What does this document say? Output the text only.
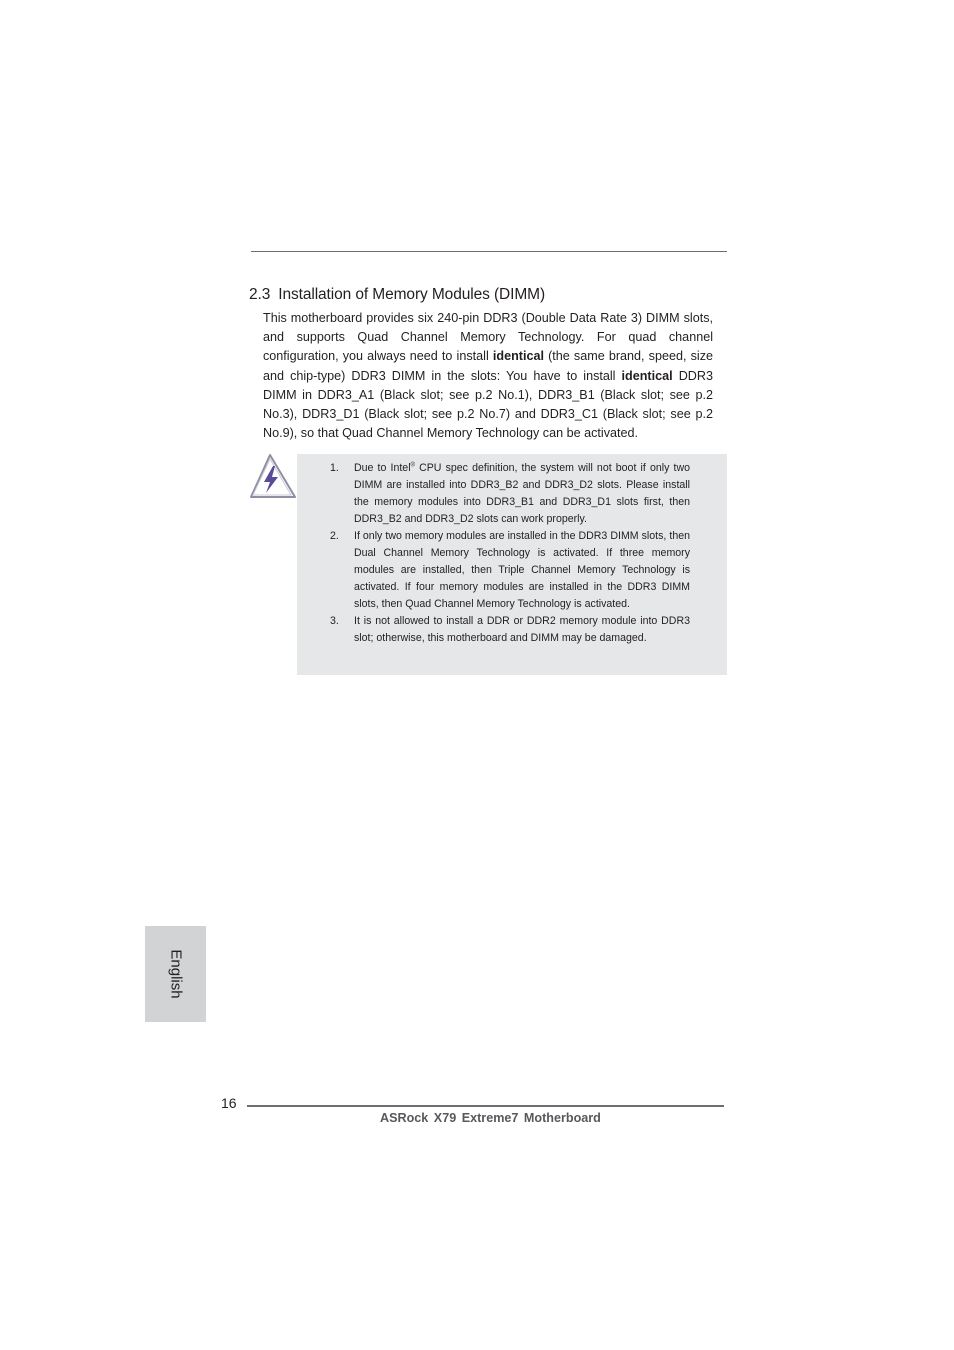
2.3 Installation of Memory Modules (DIMM)

This motherboard provides six 240-pin DDR3 (Double Data Rate 3) DIMM slots, and supports Quad Channel Memory Technology. For quad channel configuration, you always need to install identical (the same brand, speed, size and chip-type) DDR3 DIMM in the slots: You have to install identical DDR3 DIMM in DDR3_A1 (Black slot; see p.2 No.1), DDR3_B1 (Black slot; see p.2 No.3), DDR3_D1 (Black slot; see p.2 No.7) and DDR3_C1 (Black slot; see p.2 No.9), so that Quad Channel Memory Technology can be activated.

1. Due to Intel® CPU spec definition, the system will not boot if only two DIMM are installed into DDR3_B2 and DDR3_D2 slots. Please install the memory modules into DDR3_B1 and DDR3_D1 slots first, then DDR3_B2 and DDR3_D2 slots can work properly.
2. If only two memory modules are installed in the DDR3 DIMM slots, then Dual Channel Memory Technology is activated. If three memory modules are installed, then Triple Channel Memory Technology is activated. If four memory modules are installed in the DDR3 DIMM slots, then Quad Channel Memory Technology is activated.
3. It is not allowed to install a DDR or DDR2 memory module into DDR3 slot; otherwise, this motherboard and DIMM may be damaged.
English
16
ASRock X79 Extreme7 Motherboard
